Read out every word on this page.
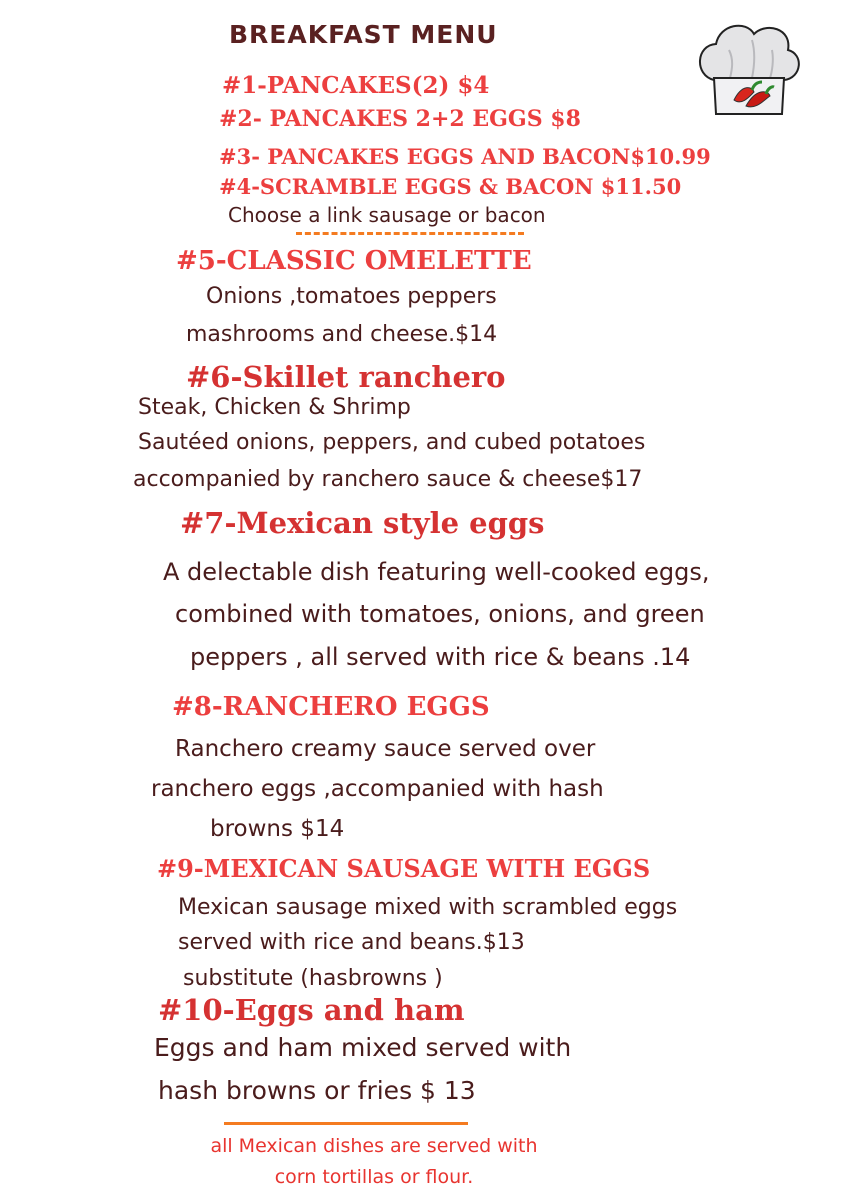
BREAKFAST MENU
#1-PANCAKES(2) $4
#2- PANCAKES 2+2 EGGS $8
#3- PANCAKES EGGS AND BACON$10.99
#4-SCRAMBLE EGGS & BACON $11.50
Choose a link sausage or bacon
#5-CLASSIC OMELETTE
Onions ,tomatoes peppers
mashrooms and cheese.$14
#6-Skillet ranchero
Steak, Chicken & Shrimp
Sautéed onions, peppers, and cubed potatoes
accompanied by ranchero sauce & cheese$17
#7-Mexican style eggs
A delectable dish featuring well-cooked eggs,
combined with tomatoes, onions, and green
peppers , all served with rice & beans .14
#8-RANCHERO EGGS
Ranchero creamy sauce served over
ranchero eggs ,accompanied with hash
browns $14
#9-MEXICAN SAUSAGE WITH EGGS
Mexican sausage mixed with scrambled eggs
served with rice and beans.$13
substitute (hasbrowns )
#10-Eggs and ham
Eggs and ham mixed served with
hash browns or fries $ 13
all Mexican dishes are served with
corn tortillas or flour.
